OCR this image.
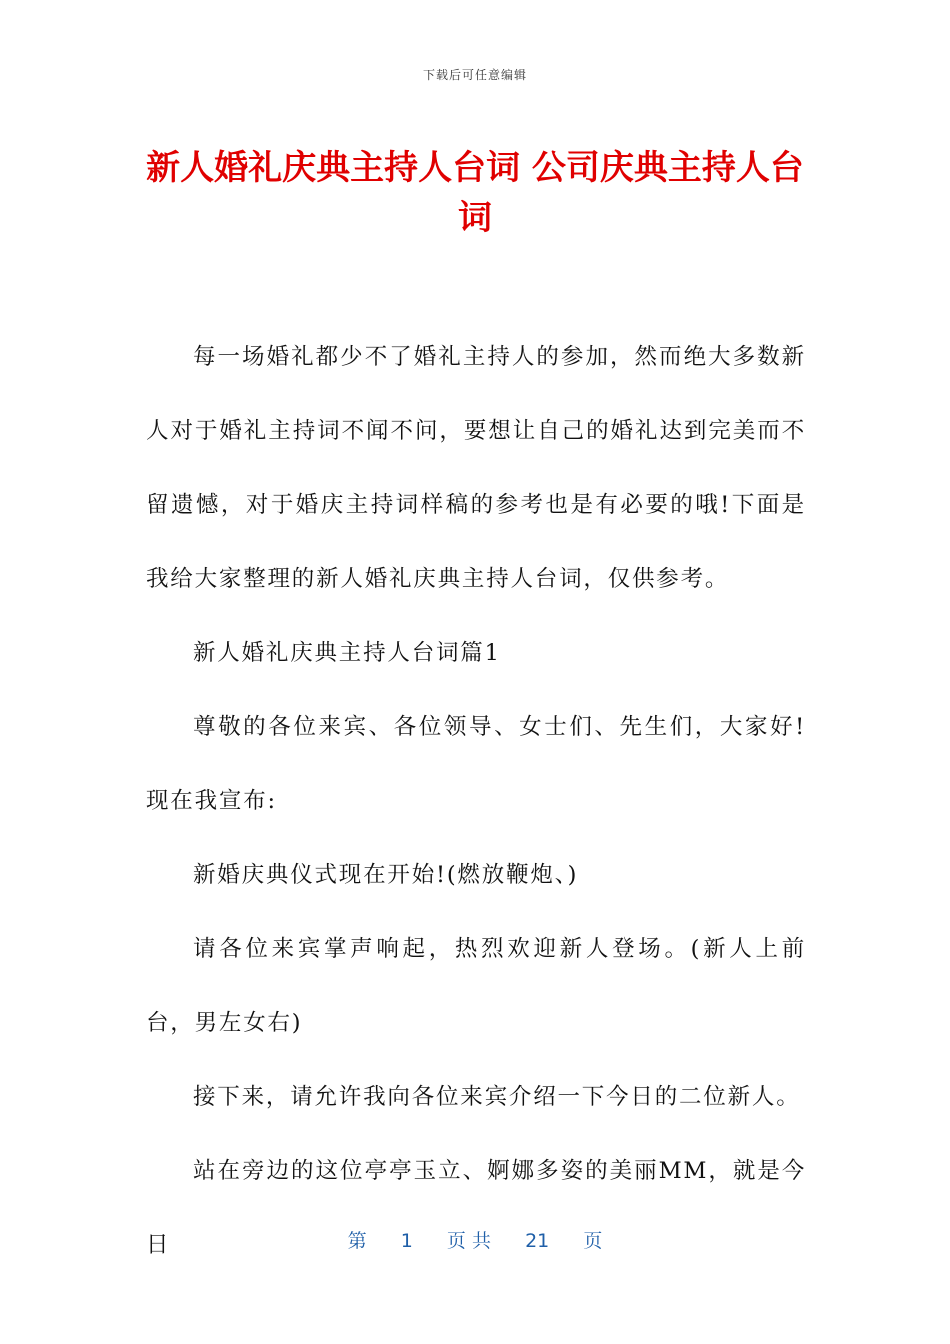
下载后可任意编辑
新人婚礼庆典主持人台词 公司庆典主持人台词

每一场婚礼都少不了婚礼主持人的参加，然而绝大多数新人对于婚礼主持词不闻不问，要想让自己的婚礼达到完美而不留遗憾，对于婚庆主持词样稿的参考也是有必要的哦!下面是我给大家整理的新人婚礼庆典主持人台词，仅供参考。

新人婚礼庆典主持人台词篇1

尊敬的各位来宾、各位领导、女士们、先生们，大家好!现在我宣布:

新婚庆典仪式现在开始!(燃放鞭炮、)

请各位来宾掌声响起，热烈欢迎新人登场。(新人上前台，男左女右)

接下来，请允许我向各位来宾介绍一下今日的二位新人。

站在旁边的这位亭亭玉立、婀娜多姿的美丽MM，就是今日	第 1 页 共 21 页
